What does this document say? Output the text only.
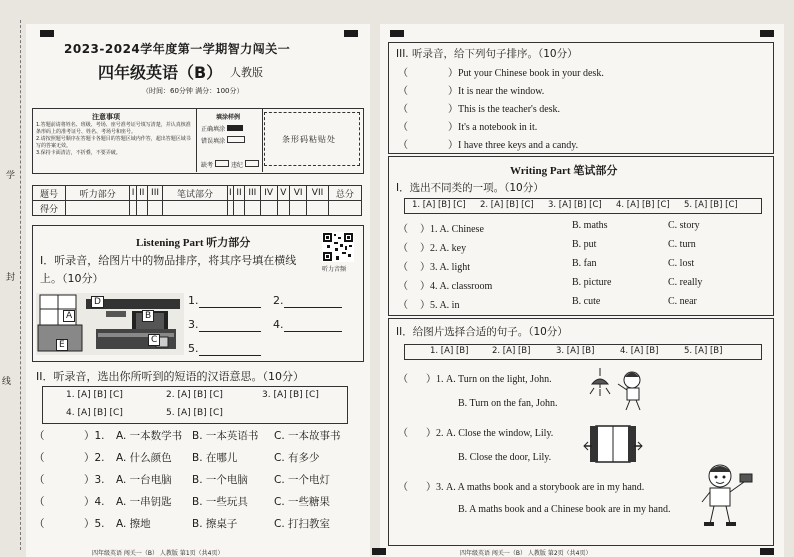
学
封
线
2023-2024学年度第一学期智力闯关一
四年级英语（B） 人教版
（时间：60分钟 满分：100分）
注意事项
1.答题前请将姓名、班级、考场、座号准考证号填写清楚，并认真核准条形码上的准考证号、姓名、考场号和座号。
2.请按照题号顺序在答题卡各题目的答题区域内作答，超出答题区域书写的答案无效。
3.保持卡面清洁，不折叠，不要弄破。
填涂样例
正确填涂
错误填涂
缺考	违纪
条形码粘贴处
题号	听力部分	I	II	III	笔试部分	I	II	III	IV	V	VI	VII	总分
得分													
Listening Part 听力部分
听力音频
I．听录音，给图片中的物品排序，将其序号填在横线上。（10分）
D
A	B
C
E
1.	2.
3.	4.
5.
II．听录音，选出你所听到的短语的汉语意思。（10分）
1. [A] [B] [C]	2. [A] [B] [C]	3. [A] [B] [C]
4. [A] [B] [C]	5. [A] [B] [C]
（	）1. A. 一本数学书 B. 一本英语书 C. 一本故事书
（	）2. A. 什么颜色 B. 在哪儿	C. 有多少
（	）3. A. 一台电脑 B. 一个电脑 C. 一个电灯
（	）4. A. 一串钥匙 B. 一些玩具 C. 一些糖果
（	）5. A. 擦地	B. 擦桌子	C. 打扫教室
四年级英语 闯关一（B） 人教版 第1页（共4页）
III. 听录音，给下列句子排序。（10分）
（	）Put your Chinese book in your desk.
（	）It is near the window.
（	）This is the teacher's desk.
（	）It's a notebook in it.
（	）I have three keys and a candy.
Writing Part 笔试部分
I．选出不同类的一项。（10分）
1. [A] [B] [C] 2. [A] [B] [C] 3. [A] [B] [C] 4. [A] [B] [C] 5. [A] [B] [C]
（ ）1. A. Chinese	B. maths	C. story
（ ）2. A. key	B. put	C. turn
（ ）3. A. light	B. fan	C. lost
（ ）4. A. classroom	B. picture	C. really
（ ）5. A. in	B. cute	C. near
II．给图片选择合适的句子。（10分）
1. [A] [B]	2. [A] [B]	3. [A] [B]	4. [A] [B]	5. [A] [B]
（ ）1. A. Turn on the light, John.
B. Turn on the fan, John.
（ ）2. A. Close the window, Lily.
B. Close the door, Lily.
（ ）3. A. A maths book and a storybook are in my hand.
B. A maths book and a Chinese book are in my hand.
四年级英语 闯关一（B） 人教版 第2页（共4页）
